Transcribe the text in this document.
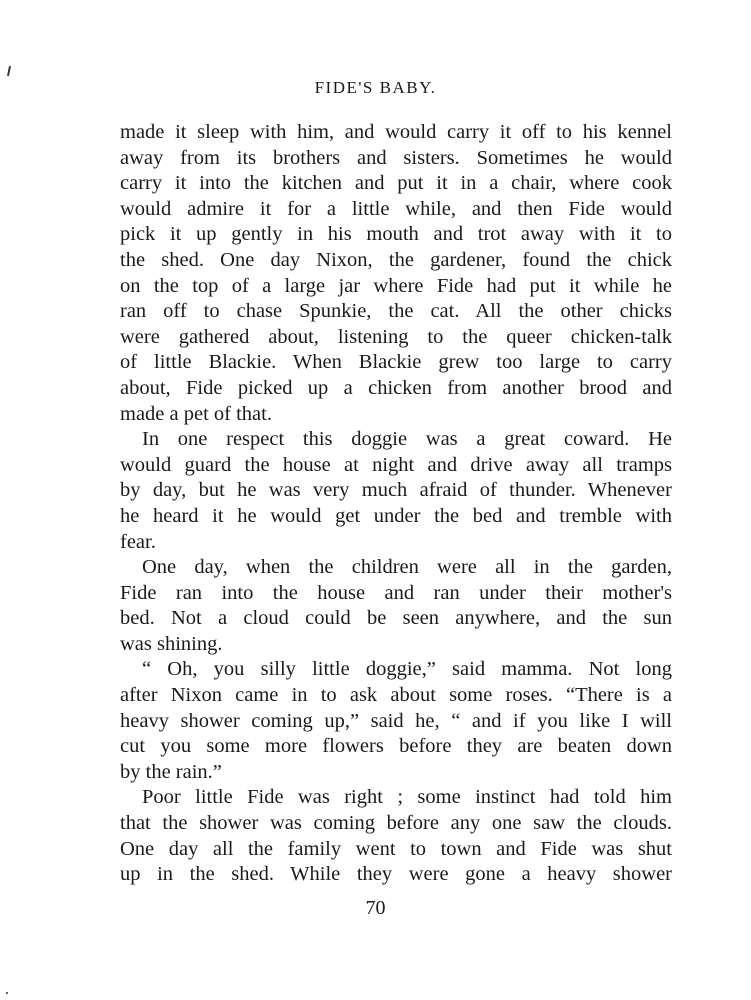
FIDE'S BABY.
made it sleep with him, and would carry it off to his kennel
away from its brothers and sisters. Sometimes he would
carry it into the kitchen and put it in a chair, where cook
would admire it for a little while, and then Fide would
pick it up gently in his mouth and trot away with it to
the shed. One day Nixon, the gardener, found the chick
on the top of a large jar where Fide had put it while he
ran off to chase Spunkie, the cat. All the other chicks
were gathered about, listening to the queer chicken-talk
of little Blackie. When Blackie grew too large to carry
about, Fide picked up a chicken from another brood and
made a pet of that.
In one respect this doggie was a great coward. He
would guard the house at night and drive away all tramps
by day, but he was very much afraid of thunder. Whenever
he heard it he would get under the bed and tremble with
fear.
One day, when the children were all in the garden,
Fide ran into the house and ran under their mother's
bed. Not a cloud could be seen anywhere, and the sun
was shining.
“ Oh, you silly little doggie,” said mamma. Not long
after Nixon came in to ask about some roses. “There is a
heavy shower coming up,” said he, “ and if you like I will
cut you some more flowers before they are beaten down
by the rain.”
Poor little Fide was right ; some instinct had told him
that the shower was coming before any one saw the clouds.
One day all the family went to town and Fide was shut
up in the shed. While they were gone a heavy shower
70
